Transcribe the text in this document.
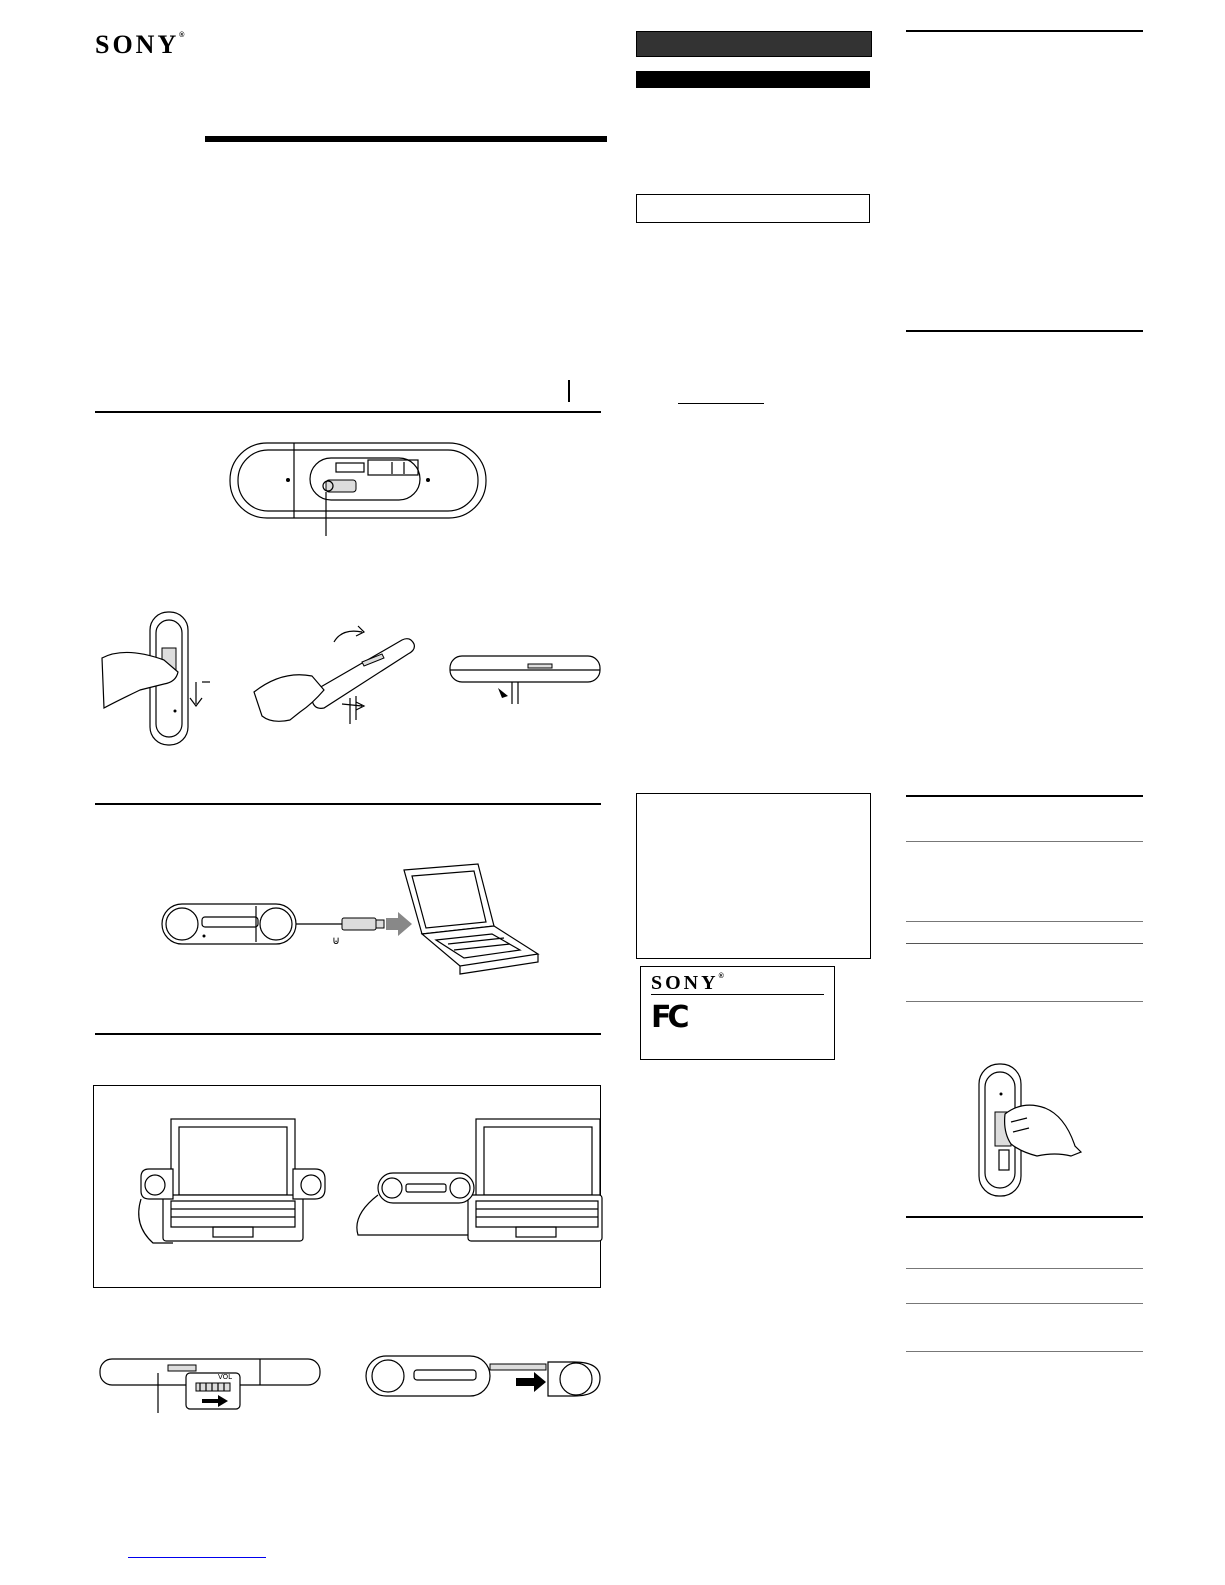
SONY®
⊍
VOL
SONY®
FC
